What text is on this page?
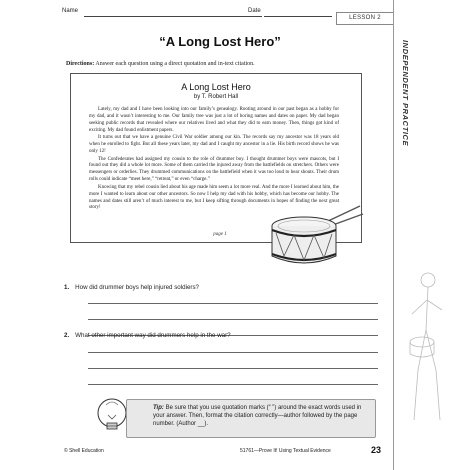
Name	Date
LESSON 2
INDEPENDENT PRACTICE
“A Long Lost Hero”
Directions: Answer each question using a direct quotation and in-text citation.
A Long Lost Hero
by T. Robert Hall

Lately, my dad and I have been looking into our family’s genealogy. Rooting around in our past began as a hobby for my dad, and it wasn’t interesting to me. Our family tree was just a lot of boring names and dates on paper. My dad began seeking public records that revealed where our relatives lived and what they did to earn money. Then, things got kind of exciting. My dad found enlistment papers.

It turns out that we have a genuine Civil War soldier among our kin. The records say my ancestor was 18 years old when he enrolled to fight. But all these years later, my dad and I caught my ancestor in a lie. His birth record shows he was only 12!

The Confederates had assigned my cousin to the role of drummer boy. I thought drummer boys were mascots, but I found out they did a whole lot more. Some of them carried the injured away from the battlefields on stretchers. Others were messengers or orderlies. They drummed communications on the battlefield when it was too loud to hear shouts. Their drum rolls could indicate “meet here,” “retreat,” or even “charge.”

Knowing that my rebel cousin lied about his age made him seem a lot more real. And the more I learned about him, the more I wanted to learn about our other ancestors. So now I help my dad with his hobby, which has become our hobby. The names and dates still aren’t of much interest to me, but I keep sifting through documents in hopes of finding the next great story!

page 1
1. How did drummer boys help injured soldiers?
2. What other important way did drummers help in the war?
Tip: Be sure that you use quotation marks (“ ”) around the exact words used in your answer. Then, format the citation correctly—author followed by the page number. (Author __).
© Shell Education	51761—Prove It! Using Textual Evidence	23
